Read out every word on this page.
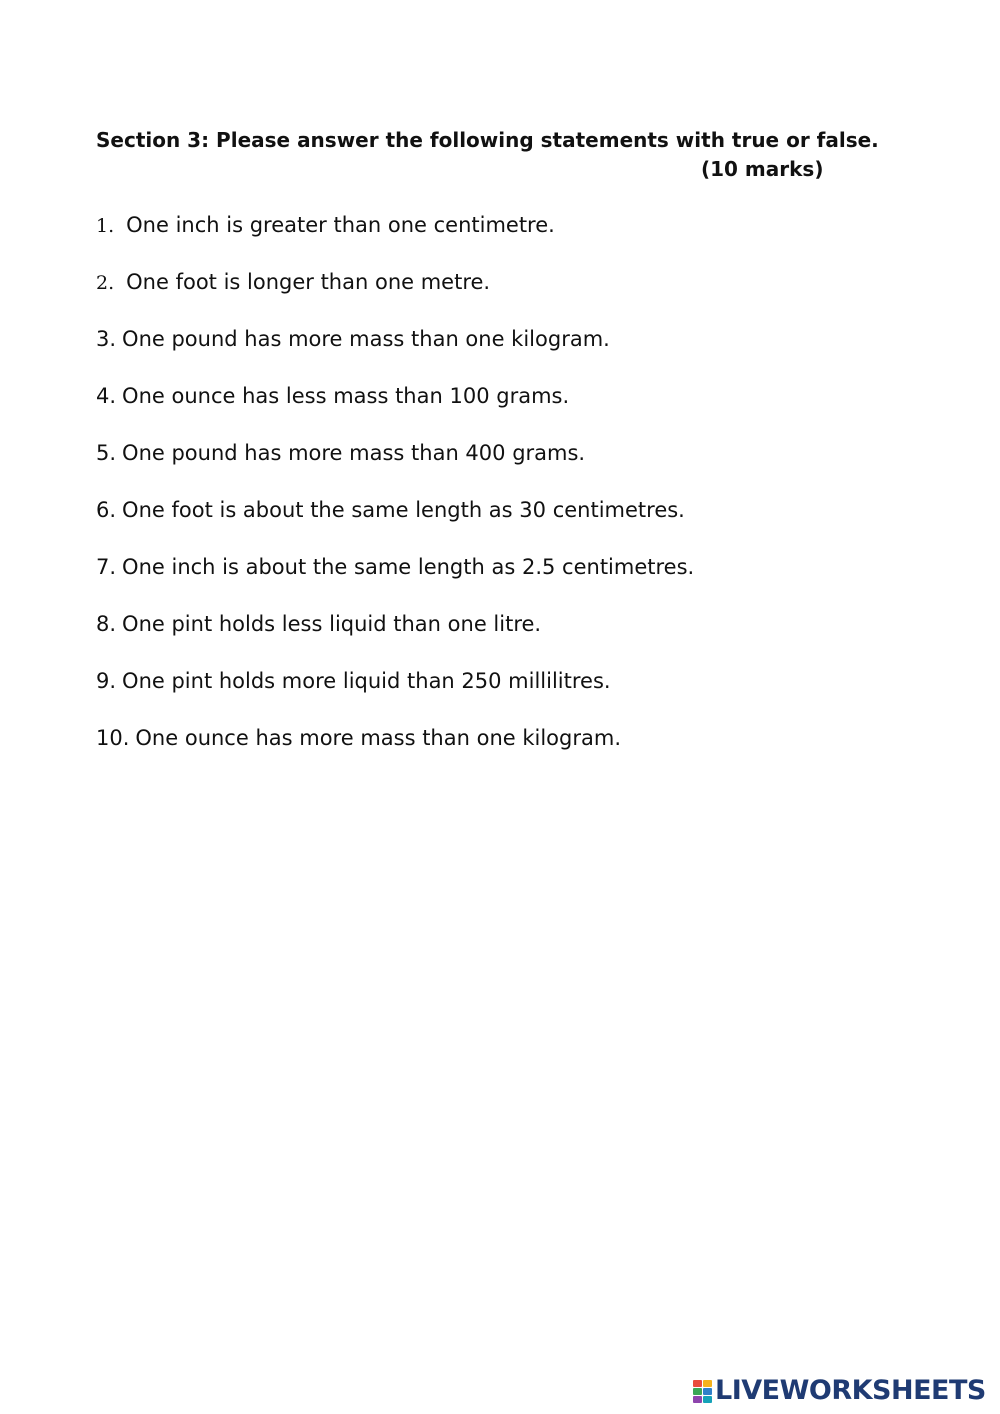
Section 3: Please answer the following statements with true or false.
(10 marks)
1. One inch is greater than one centimetre.
2. One foot is longer than one metre.
3. One pound has more mass than one kilogram.
4. One ounce has less mass than 100 grams.
5. One pound has more mass than 400 grams.
6. One foot is about the same length as 30 centimetres.
7. One inch is about the same length as 2.5 centimetres.
8. One pint holds less liquid than one litre.
9. One pint holds more liquid than 250 millilitres.
10. One ounce has more mass than one kilogram.
LIVEWORKSHEETS
